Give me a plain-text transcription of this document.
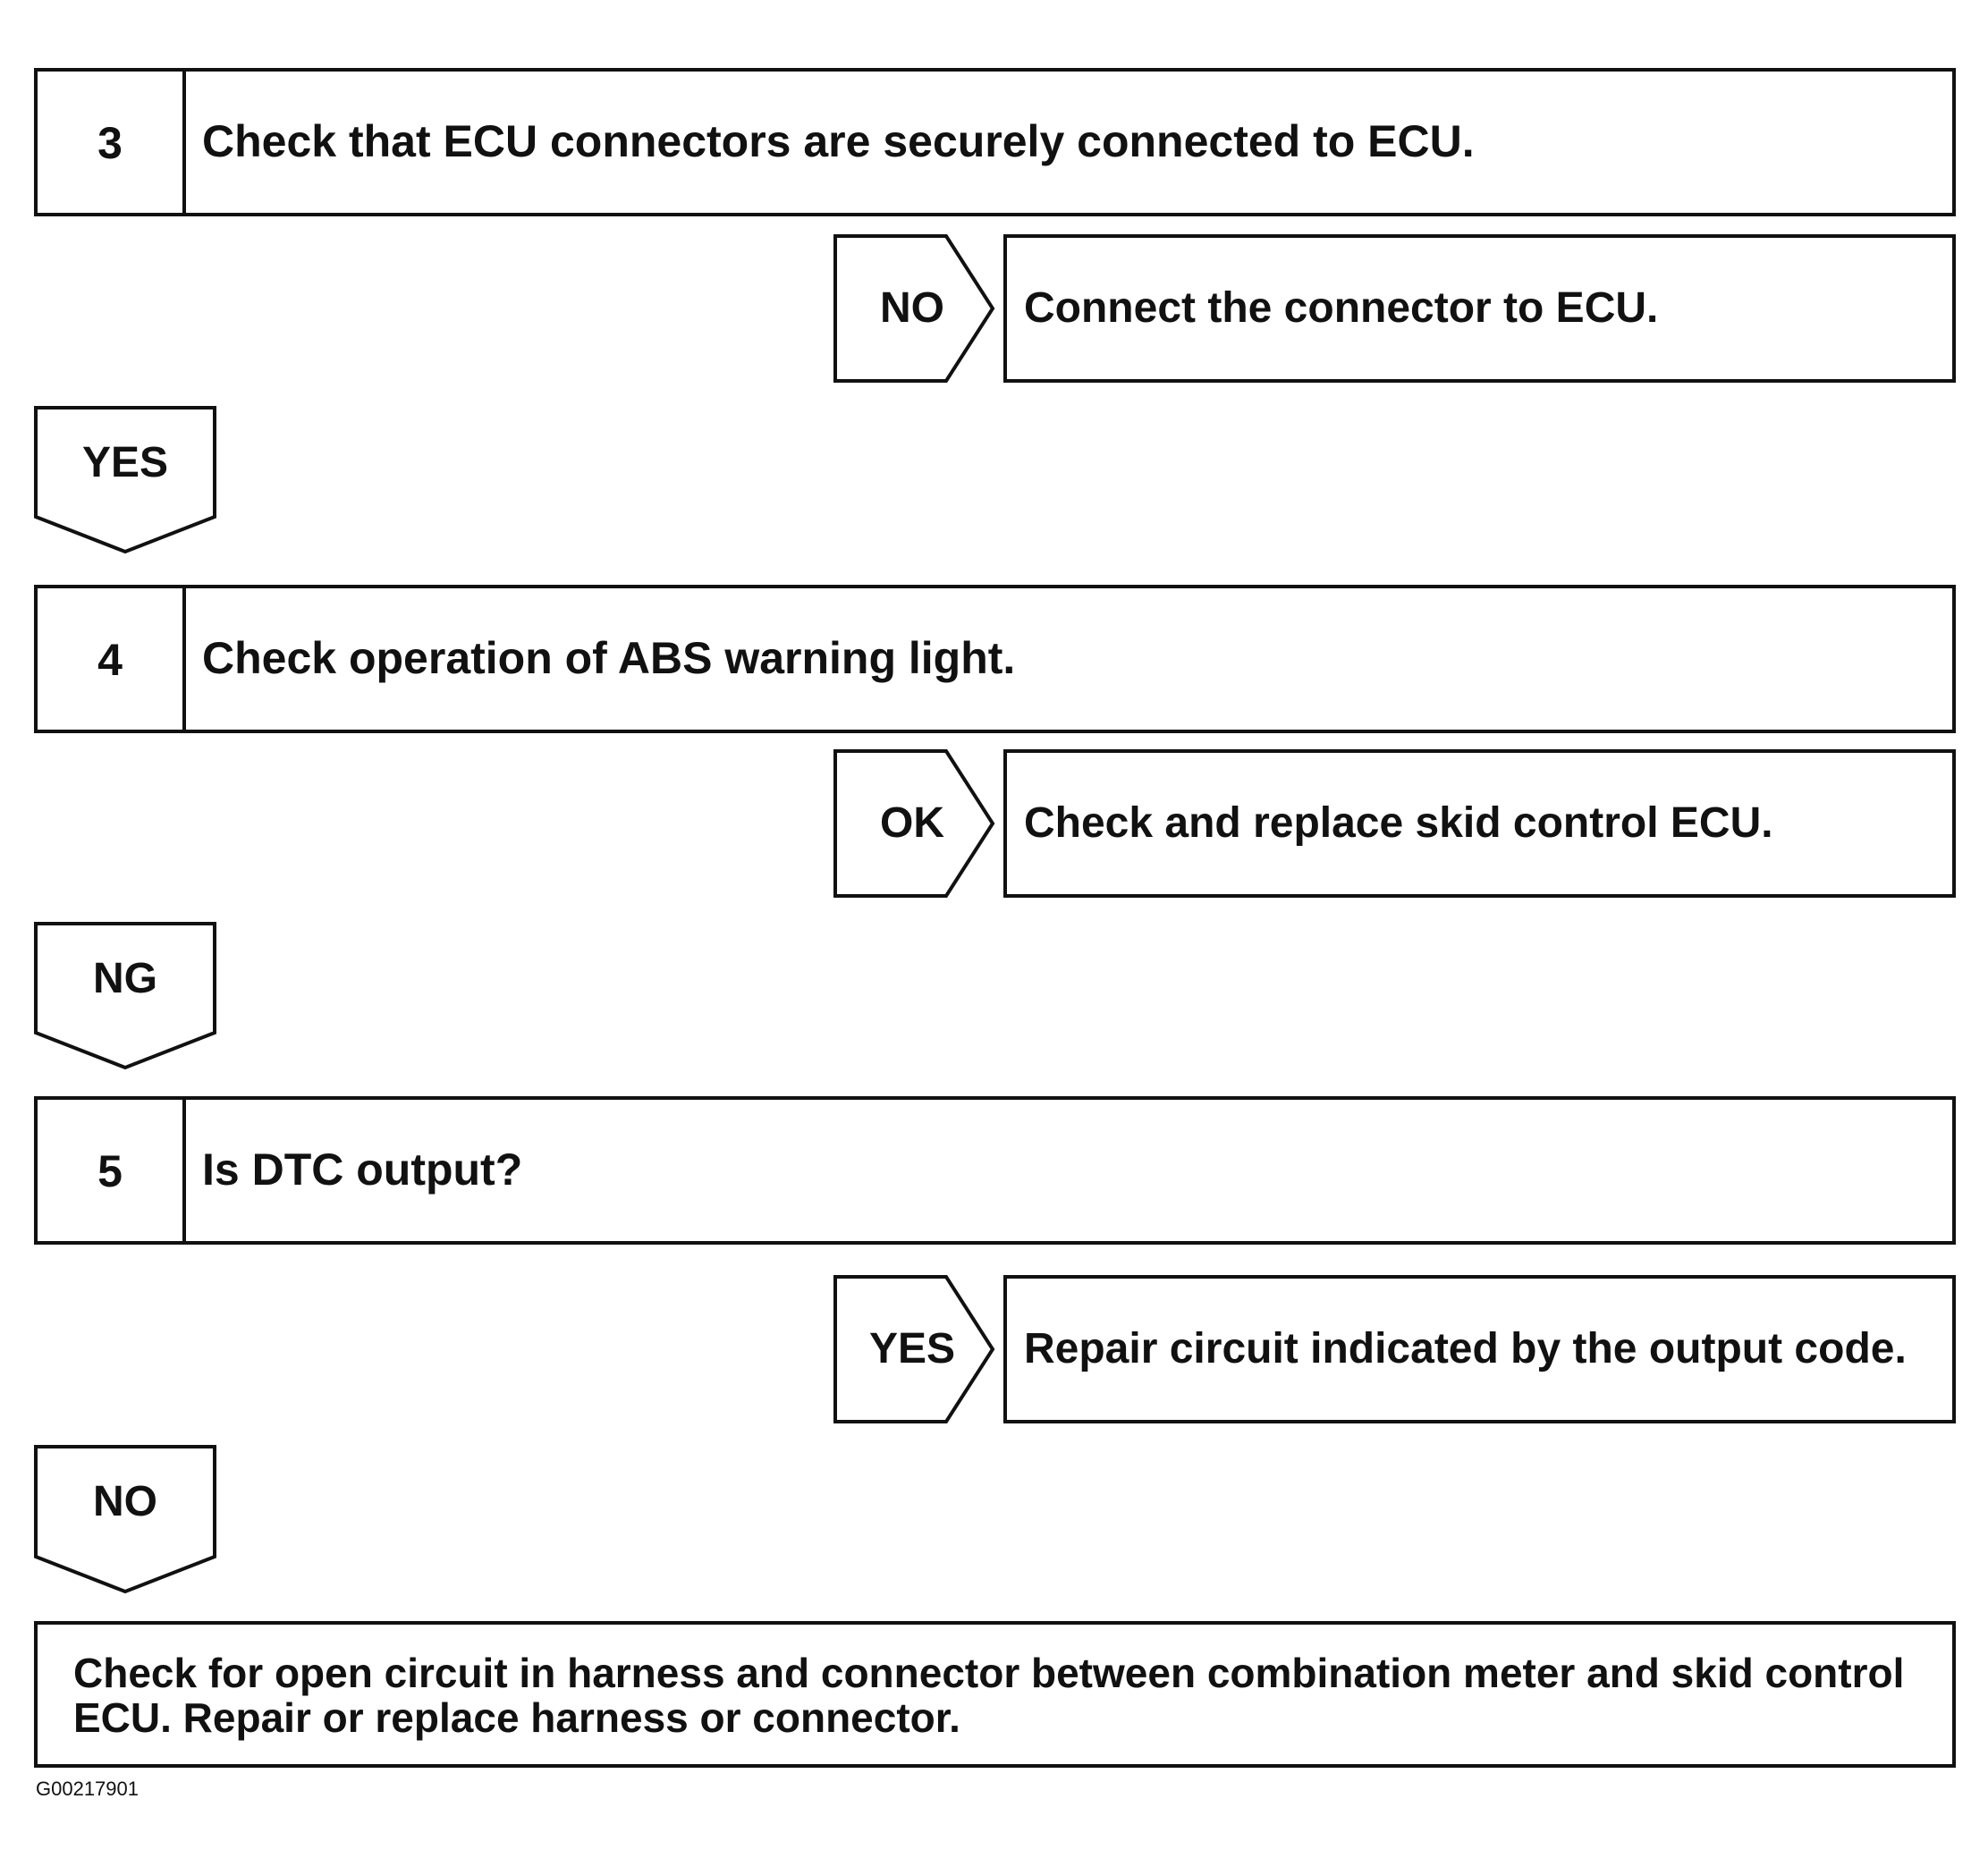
3	Check that ECU connectors are securely connected to ECU.
NO	Connect the connector to ECU.
YES
4	Check operation of ABS warning light.
OK	Check and replace skid control ECU.
NG
5	Is DTC output?
YES Repair circuit indicated by the output code.
NO
Check for open circuit in harness and connector between combination meter and skid control ECU. Repair or replace harness or connector.
G00217901
